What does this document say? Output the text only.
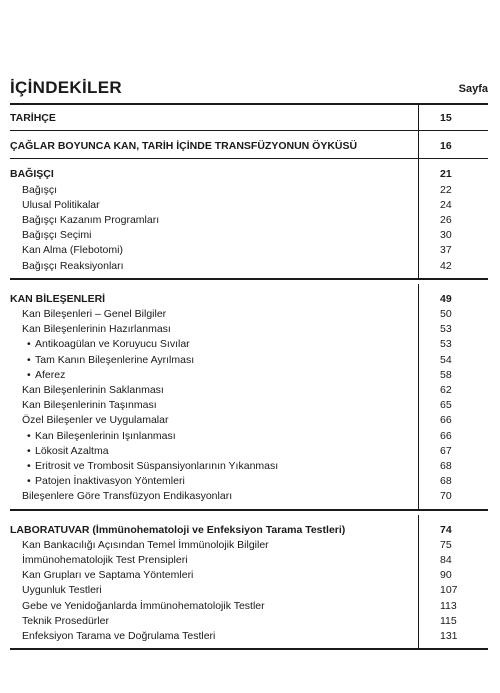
İÇİNDEKİLER	Sayfa
TARİHÇE	15
ÇAĞLAR BOYUNCA KAN, TARİH İÇİNDE TRANSFÜZYONUN ÖYKÜSÜ	16
BAĞIŞÇI	21
Bağışçı	22
Ulusal Politikalar	24
Bağışçı Kazanım Programları	26
Bağışçı Seçimi	30
Kan Alma (Flebotomi)	37
Bağışçı Reaksiyonları	42
KAN BİLEŞENLERİ	49
Kan Bileşenleri – Genel Bilgiler	50
Kan Bileşenlerinin Hazırlanması	53
• Antikoagülan ve Koruyucu Sıvılar	53
• Tam Kanın Bileşenlerine Ayrılması	54
• Aferez	58
Kan Bileşenlerinin Saklanması	62
Kan Bileşenlerinin Taşınması	65
Özel Bileşenler ve Uygulamalar	66
• Kan Bileşenlerinin Işınlanması	66
• Lökosit Azaltma	67
• Eritrosit ve Trombosit Süspansiyonlarının Yıkanması	68
• Patojen İnaktivasyon Yöntemleri	68
Bileşenlere Göre Transfüzyon Endikasyonları	70
LABORATUVAR (İmmünohematoloji ve Enfeksiyon Tarama Testleri)	74
Kan Bankacılığı Açısından Temel İmmünolojik Bilgiler	75
İmmünohematolojik Test Prensipleri	84
Kan Grupları ve Saptama Yöntemleri	90
Uygunluk Testleri	107
Gebe ve Yenidoğanlarda İmmünohematolojik Testler	113
Teknik Prosedürler	115
Enfeksiyon Tarama ve Doğrulama Testleri	131
